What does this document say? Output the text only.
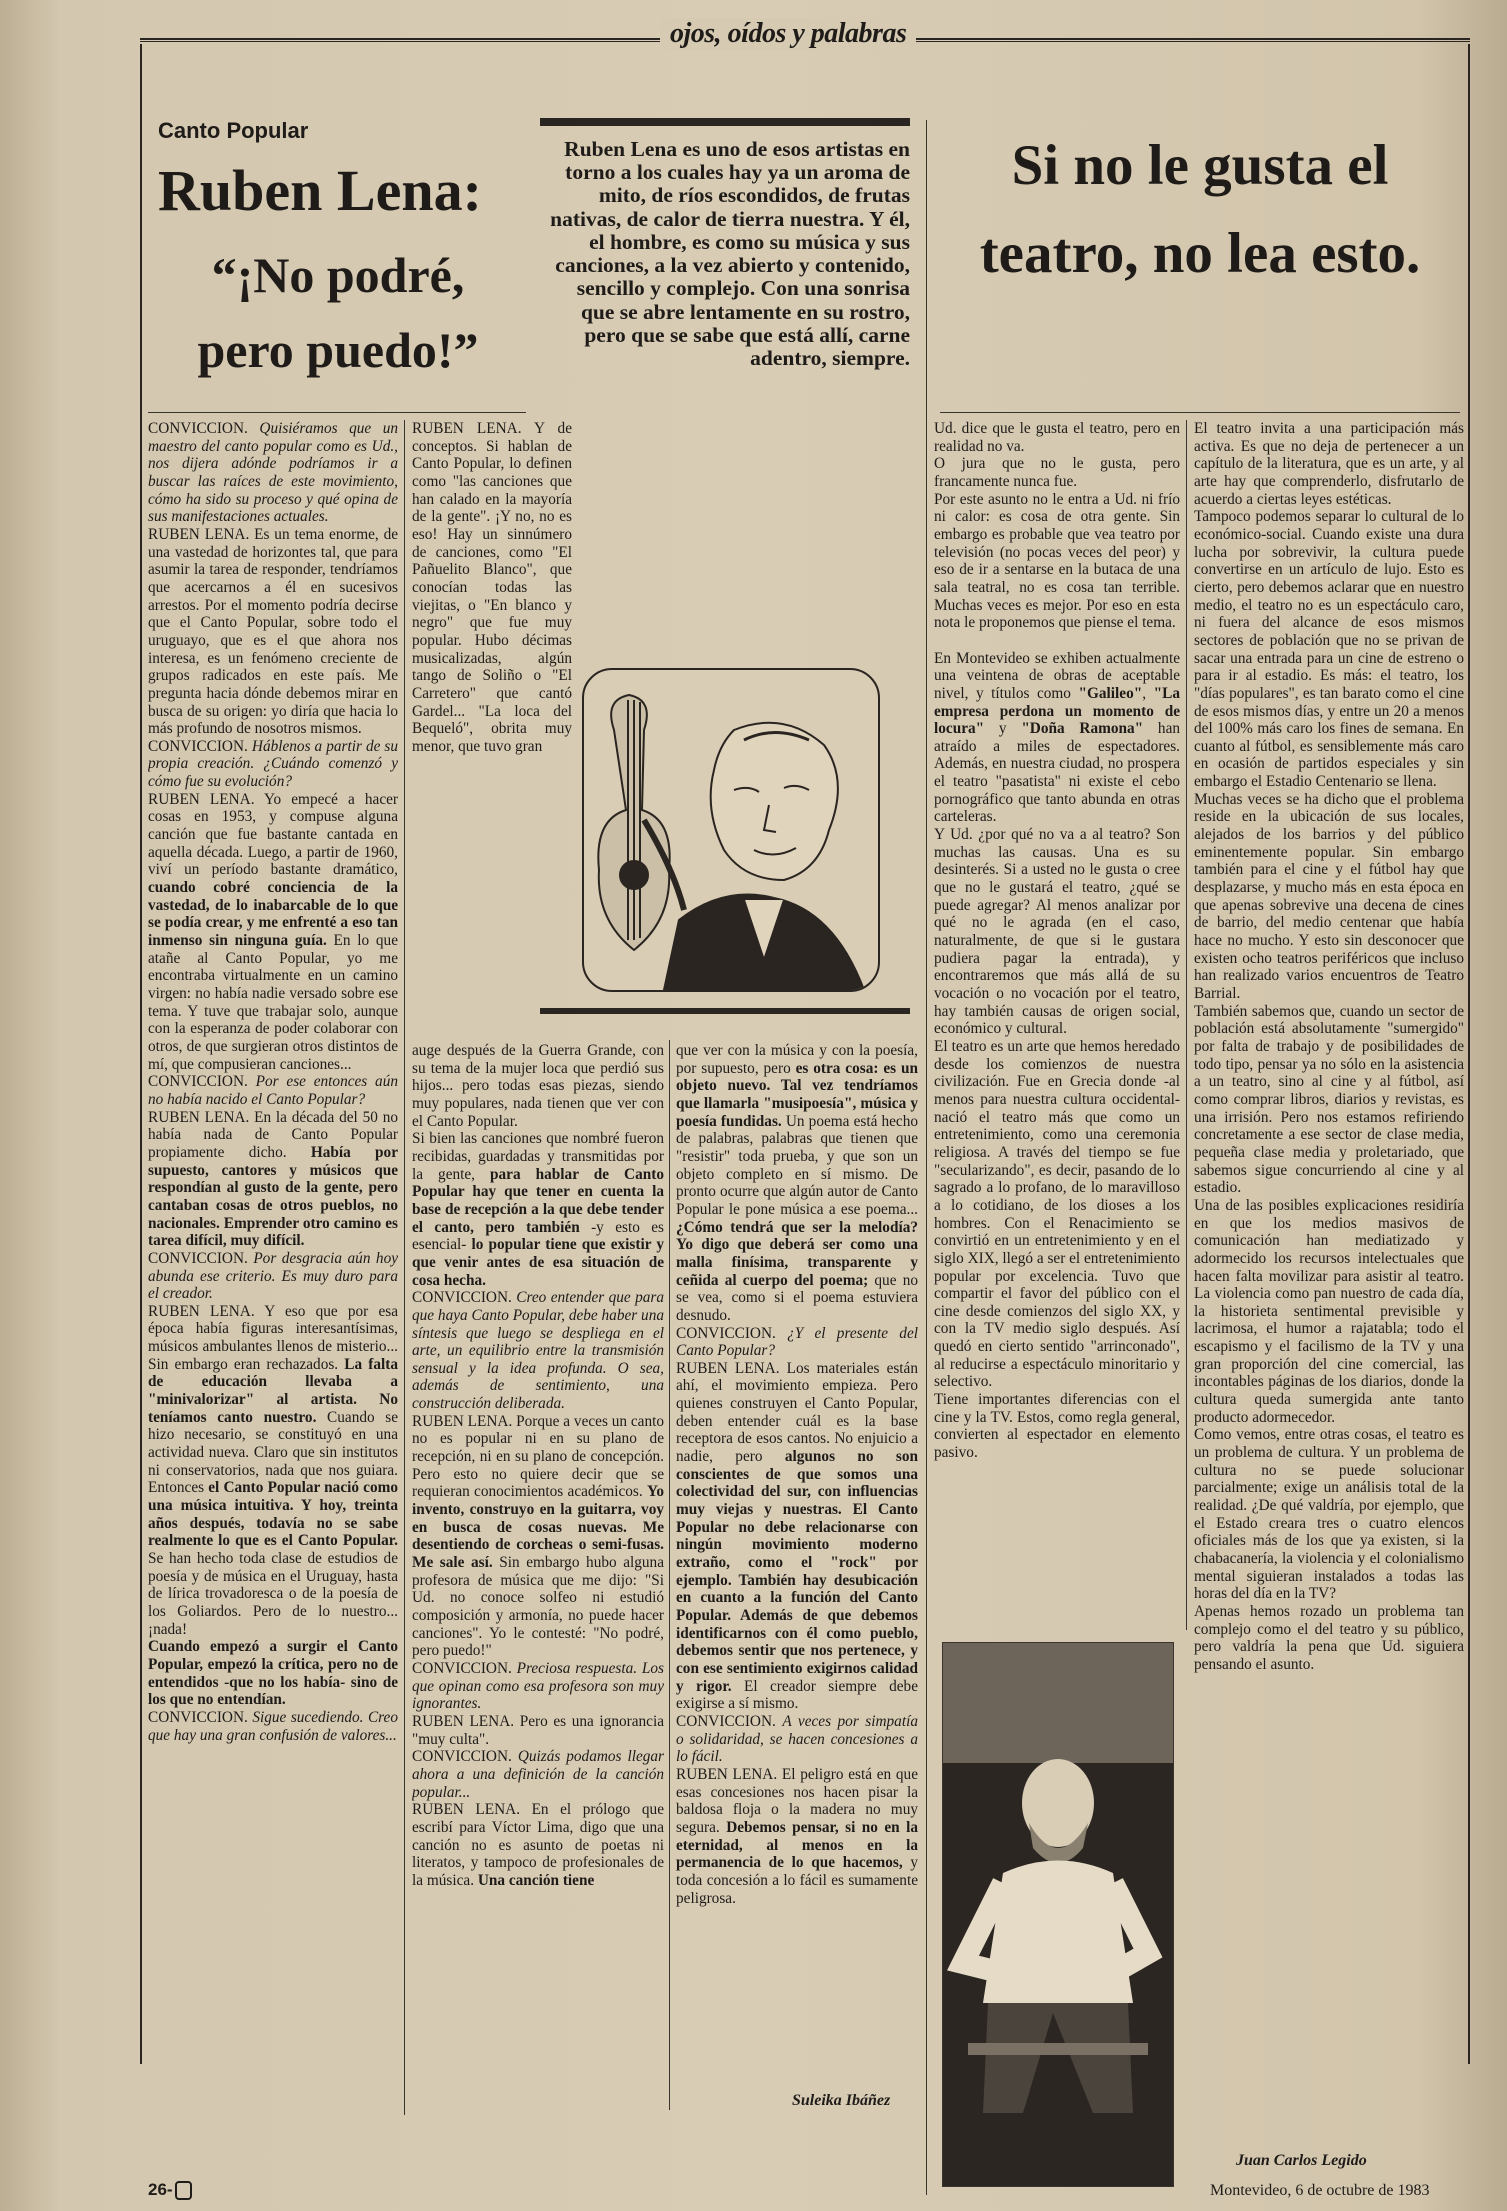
ojos, oídos y palabras
Canto Popular
Ruben Lena:
“¡No podré, pero puedo!”
Ruben Lena es uno de esos artistas en torno a los cuales hay ya un aroma de mito, de ríos escondidos, de frutas nativas, de calor de tierra nuestra. Y él, el hombre, es como su música y sus canciones, a la vez abierto y contenido, sencillo y complejo. Con una sonrisa que se abre lentamente en su rostro, pero que se sabe que está allí, carne adentro, siempre.

CONVICCION. Quisiéramos que un maestro del canto popular como es Ud., nos dijera adónde podríamos ir a buscar las raíces de este movimiento, cómo ha sido su proceso y qué opina de sus manifestaciones actuales.

RUBEN LENA. Es un tema enorme, de una vastedad de horizontes tal, que para asumir la tarea de responder, tendríamos que acercarnos a él en sucesivos arrestos. Por el momento podría decirse que el Canto Popular, sobre todo el uruguayo, que es el que ahora nos interesa, es un fenómeno creciente de grupos radicados en este país. Me pregunta hacia dónde debemos mirar en busca de su origen: yo diría que hacia lo más profundo de nosotros mismos.

CONVICCION. Háblenos a partir de su propia creación. ¿Cuándo comenzó y cómo fue su evolución?

RUBEN LENA. Yo empecé a hacer cosas en 1953, y compuse alguna canción que fue bastante cantada en aquella década. Luego, a partir de 1960, viví un período bastante dramático, cuando cobré conciencia de la vastedad, de lo inabarcable de lo que se podía crear, y me enfrenté a eso tan inmenso sin ninguna guía. En lo que atañe al Canto Popular, yo me encontraba virtualmente en un camino virgen: no había nadie versado sobre ese tema. Y tuve que trabajar solo, aunque con la esperanza de poder colaborar con otros, de que surgieran otros distintos de mí, que compusieran canciones...

CONVICCION. Por ese entonces aún no había nacido el Canto Popular?

RUBEN LENA. En la década del 50 no había nada de Canto Popular propiamente dicho. Había por supuesto, cantores y músicos que respondían al gusto de la gente, pero cantaban cosas de otros pueblos, no nacionales. Emprender otro camino es tarea difícil, muy difícil.

CONVICCION. Por desgracia aún hoy abunda ese criterio. Es muy duro para el creador.

RUBEN LENA. Y eso que por esa época había figuras interesantísimas, músicos ambulantes llenos de misterio... Sin embargo eran rechazados. La falta de educación llevaba a "minivalorizar" al artista. No teníamos canto nuestro. Cuando se hizo necesario, se constituyó en una actividad nueva. Claro que sin institutos ni conservatorios, nada que nos guiara. Entonces el Canto Popular nació como una música intuitiva. Y hoy, treinta años después, todavía no se sabe realmente lo que es el Canto Popular. Se han hecho toda clase de estudios de poesía y de música en el Uruguay, hasta de lírica trovadoresca o de la poesía de los Goliardos. Pero de lo nuestro... ¡nada!

Cuando empezó a surgir el Canto Popular, empezó la crítica, pero no de entendidos -que no los había- sino de los que no entendían.

CONVICCION. Sigue sucediendo. Creo que hay una gran confusión de valores...

RUBEN LENA. Y de conceptos. Si hablan de Canto Popular, lo definen como "las canciones que han calado en la mayoría de la gente". ¡Y no, no es eso! Hay un sinnúmero de canciones, como "El Pañuelito Blanco", que conocían todas las viejitas, o "En blanco y negro" que fue muy popular. Hubo décimas musicalizadas, algún tango de Soliño o "El Carretero" que cantó Gardel... "La loca del Bequeló", obrita muy menor, que tuvo gran

auge después de la Guerra Grande, con su tema de la mujer loca que perdió sus hijos... pero todas esas piezas, siendo muy populares, nada tienen que ver con el Canto Popular.

Si bien las canciones que nombré fueron recibidas, guardadas y transmitidas por la gente, para hablar de Canto Popular hay que tener en cuenta la base de recepción a la que debe tender el canto, pero también -y esto es esencial- lo popular tiene que existir y que venir antes de esa situación de cosa hecha.

CONVICCION. Creo entender que para que haya Canto Popular, debe haber una síntesis que luego se despliega en el arte, un equilibrio entre la transmisión sensual y la idea profunda. O sea, además de sentimiento, una construcción deliberada.

RUBEN LENA. Porque a veces un canto no es popular ni en su plano de recepción, ni en su plano de concepción. Pero esto no quiere decir que se requieran conocimientos académicos. Yo invento, construyo en la guitarra, voy en busca de cosas nuevas. Me desentiendo de corcheas o semi-fusas. Me sale así. Sin embargo hubo alguna profesora de música que me dijo: "Si Ud. no conoce solfeo ni estudió composición y armonía, no puede hacer canciones". Yo le contesté: "No podré, pero puedo!"

CONVICCION. Preciosa respuesta. Los que opinan como esa profesora son muy ignorantes.

RUBEN LENA. Pero es una ignorancia "muy culta".

CONVICCION. Quizás podamos llegar ahora a una definición de la canción popular...

RUBEN LENA. En el prólogo que escribí para Víctor Lima, digo que una canción no es asunto de poetas ni literatos, y tampoco de profesionales de la música. Una canción tiene

que ver con la música y con la poesía, por supuesto, pero es otra cosa: es un objeto nuevo. Tal vez tendríamos que llamarla "musipoesía", música y poesía fundidas. Un poema está hecho de palabras, palabras que tienen que "resistir" toda prueba, y que son un objeto completo en sí mismo. De pronto ocurre que algún autor de Canto Popular le pone música a ese poema... ¿Cómo tendrá que ser la melodía? Yo digo que deberá ser como una malla finísima, transparente y ceñida al cuerpo del poema; que no se vea, como si el poema estuviera desnudo.

CONVICCION. ¿Y el presente del Canto Popular?

RUBEN LENA. Los materiales están ahí, el movimiento empieza. Pero quienes construyen el Canto Popular, deben entender cuál es la base receptora de esos cantos. No enjuicio a nadie, pero algunos no son conscientes de que somos una colectividad del sur, con influencias muy viejas y nuestras. El Canto Popular no debe relacionarse con ningún movimiento moderno extraño, como el "rock" por ejemplo. También hay desubicación en cuanto a la función del Canto Popular. Además de que debemos identificarnos con él como pueblo, debemos sentir que nos pertenece, y con ese sentimiento exigirnos calidad y rigor. El creador siempre debe exigirse a sí mismo.

CONVICCION. A veces por simpatía o solidaridad, se hacen concesiones a lo fácil.

RUBEN LENA. El peligro está en que esas concesiones nos hacen pisar la baldosa floja o la madera no muy segura. Debemos pensar, si no en la eternidad, al menos en la permanencia de lo que hacemos, y toda concesión a lo fácil es sumamente peligrosa.

Suleika Ibáñez
Si no le gusta el teatro, no lea esto.

Ud. dice que le gusta el teatro, pero en realidad no va.

O jura que no le gusta, pero francamente nunca fue.

Por este asunto no le entra a Ud. ni frío ni calor: es cosa de otra gente. Sin embargo es probable que vea teatro por televisión (no pocas veces del peor) y eso de ir a sentarse en la butaca de una sala teatral, no es cosa tan terrible. Muchas veces es mejor. Por eso en esta nota le proponemos que piense el tema.

En Montevideo se exhiben actualmente una veintena de obras de aceptable nivel, y títulos como "Galileo", "La empresa perdona un momento de locura" y "Doña Ramona" han atraído a miles de espectadores. Además, en nuestra ciudad, no prospera el teatro "pasatista" ni existe el cebo pornográfico que tanto abunda en otras carteleras.

Y Ud. ¿por qué no va a al teatro? Son muchas las causas. Una es su desinterés. Si a usted no le gusta o cree que no le gustará el teatro, ¿qué se puede agregar? Al menos analizar por qué no le agrada (en el caso, naturalmente, de que si le gustara pudiera pagar la entrada), y encontraremos que más allá de su vocación o no vocación por el teatro, hay también causas de origen social, económico y cultural.

El teatro es un arte que hemos heredado desde los comienzos de nuestra civilización. Fue en Grecia donde -al menos para nuestra cultura occidental- nació el teatro más que como un entretenimiento, como una ceremonia religiosa. A través del tiempo se fue "secularizando", es decir, pasando de lo sagrado a lo profano, de lo maravilloso a lo cotidiano, de los dioses a los hombres. Con el Renacimiento se convirtió en un entretenimiento y en el siglo XIX, llegó a ser el entretenimiento popular por excelencia. Tuvo que compartir el favor del público con el cine desde comienzos del siglo XX, y con la TV medio siglo después. Así quedó en cierto sentido "arrinconado", al reducirse a espectáculo minoritario y selectivo.

Tiene importantes diferencias con el cine y la TV. Estos, como regla general, convierten al espectador en elemento pasivo.

El teatro invita a una participación más activa. Es que no deja de pertenecer a un capítulo de la literatura, que es un arte, y al arte hay que comprenderlo, disfrutarlo de acuerdo a ciertas leyes estéticas.

Tampoco podemos separar lo cultural de lo económico-social. Cuando existe una dura lucha por sobrevivir, la cultura puede convertirse en un artículo de lujo. Esto es cierto, pero debemos aclarar que en nuestro medio, el teatro no es un espectáculo caro, ni fuera del alcance de esos mismos sectores de población que no se privan de sacar una entrada para un cine de estreno o para ir al estadio. Es más: el teatro, los "días populares", es tan barato como el cine de esos mismos días, y entre un 20 a menos del 100% más caro los fines de semana. En cuanto al fútbol, es sensiblemente más caro en ocasión de partidos especiales y sin embargo el Estadio Centenario se llena.

Muchas veces se ha dicho que el problema reside en la ubicación de sus locales, alejados de los barrios y del público eminentemente popular. Sin embargo también para el cine y el fútbol hay que desplazarse, y mucho más en esta época en que apenas sobrevive una decena de cines de barrio, del medio centenar que había hace no mucho. Y esto sin desconocer que existen ocho teatros periféricos que incluso han realizado varios encuentros de Teatro Barrial.

También sabemos que, cuando un sector de población está absolutamente "sumergido" por falta de trabajo y de posibilidades de todo tipo, pensar ya no sólo en la asistencia a un teatro, sino al cine y al fútbol, así como comprar libros, diarios y revistas, es una irrisión. Pero nos estamos refiriendo concretamente a ese sector de clase media, pequeña clase media y proletariado, que sabemos sigue concurriendo al cine y al estadio.

Una de las posibles explicaciones residiría en que los medios masivos de comunicación han mediatizado y adormecido los recursos intelectuales que hacen falta movilizar para asistir al teatro. La violencia como pan nuestro de cada día, la historieta sentimental previsible y lacrimosa, el humor a rajatabla; todo el escapismo y el facilismo de la TV y una gran proporción del cine comercial, las incontables páginas de los diarios, donde la cultura queda sumergida ante tanto producto adormecedor.

Como vemos, entre otras cosas, el teatro es un problema de cultura. Y un problema de cultura no se puede solucionar parcialmente; exige un análisis total de la realidad. ¿De qué valdría, por ejemplo, que el Estado creara tres o cuatro elencos oficiales más de los que ya existen, si la chabacanería, la violencia y el colonialismo mental siguieran instalados a todas las horas del día en la TV?

Apenas hemos rozado un problema tan complejo como el del teatro y su público, pero valdría la pena que Ud. siguiera pensando el asunto.

Juan Carlos Legido
26-	Montevideo, 6 de octubre de 1983
